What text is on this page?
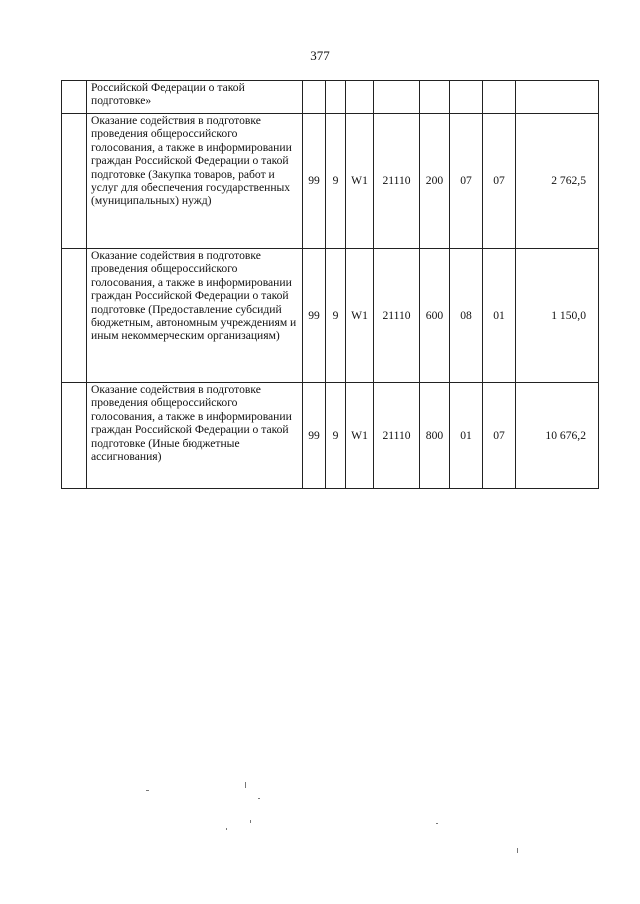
377
	Российской Федерации о такой подготовке»								
	Оказание содействия в подготовке проведения общероссийского голосования, а также в информировании граждан Российской Федерации о такой подготовке (Закупка товаров, работ и услуг для обеспечения государственных (муниципальных) нужд)	99	9	W1	21110	200	07	07	2 762,5
	Оказание содействия в подготовке проведения общероссийского голосования, а также в информировании граждан Российской Федерации о такой подготовке (Предоставление субсидий бюджетным, автономным учреждениям и иным некоммерческим организациям)	99	9	W1	21110	600	08	01	1 150,0
	Оказание содействия в подготовке проведения общероссийского голосования, а также в информировании граждан Российской Федерации о такой подготовке (Иные бюджетные ассигнования)	99	9	W1	21110	800	01	07	10 676,2
